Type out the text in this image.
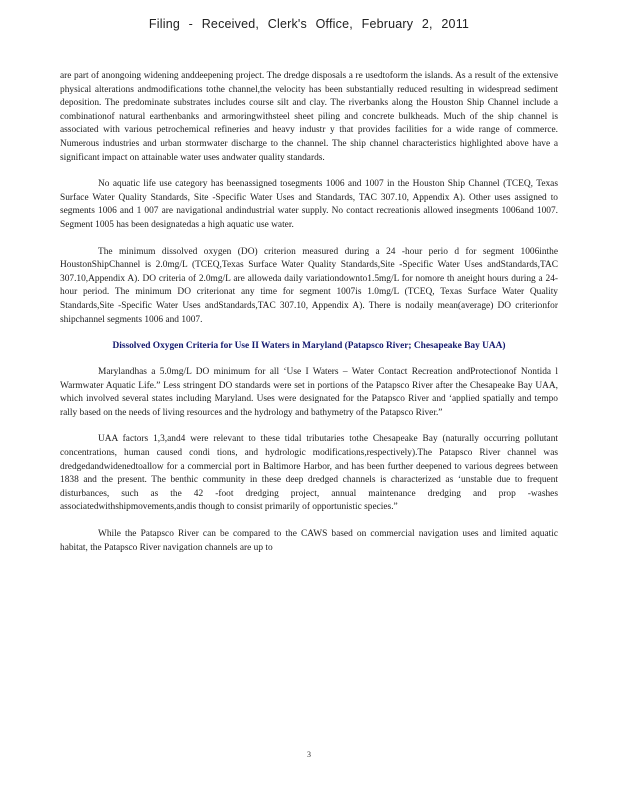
Filing - Received, Clerk's Office, February 2, 2011

are part of anongoing widening anddeepening project. The dredge disposals a re usedtoform the islands. As a result of the extensive physical alterations andmodifications tothe channel,the velocity has been substantially reduced resulting in widespread sediment deposition. The predominate substrates includes course silt and clay. The riverbanks along the Houston Ship Channel include a combinationof natural earthenbanks and armoringwithsteel sheet piling and concrete bulkheads. Much of the ship channel is associated with various petrochemical refineries and heavy industr y that provides facilities for a wide range of commerce. Numerous industries and urban stormwater discharge to the channel. The ship channel characteristics highlighted above have a significant impact on attainable water uses andwater quality standards.

No aquatic life use category has beenassigned tosegments 1006 and 1007 in the Houston Ship Channel (TCEQ, Texas Surface Water Quality Standards, Site -Specific Water Uses and Standards, TAC 307.10, Appendix A). Other uses assigned to segments 1006 and 1 007 are navigational andindustrial water supply. No contact recreationis allowed insegments 1006and 1007. Segment 1005 has been designatedas a high aquatic use water.

The minimum dissolved oxygen (DO) criterion measured during a 24 -hour perio d for segment 1006inthe HoustonShipChannel is 2.0mg/L (TCEQ,Texas Surface Water Quality Standards,Site -Specific Water Uses andStandards,TAC 307.10,Appendix A). DO criteria of 2.0mg/L are alloweda daily variationdownto1.5mg/L for nomore th aneight hours during a 24-hour period. The minimum DO criterionat any time for segment 1007is 1.0mg/L (TCEQ, Texas Surface Water Quality Standards,Site -Specific Water Uses andStandards,TAC 307.10, Appendix A). There is nodaily mean(average) DO criterionfor shipchannel segments 1006 and 1007.

Dissolved Oxygen Criteria for Use II Waters in Maryland (Patapsco River; Chesapeake Bay UAA)

Marylandhas a 5.0mg/L DO minimum for all ‘Use I Waters – Water Contact Recreation andProtectionof Nontida l Warmwater Aquatic Life.” Less stringent DO standards were set in portions of the Patapsco River after the Chesapeake Bay UAA, which involved several states including Maryland. Uses were designated for the Patapsco River and ‘applied spatially and tempo rally based on the needs of living resources and the hydrology and bathymetry of the Patapsco River.”

UAA factors 1,3,and4 were relevant to these tidal tributaries tothe Chesapeake Bay (naturally occurring pollutant concentrations, human caused condi tions, and hydrologic modifications,respectively).The Patapsco River channel was dredgedandwidenedtoallow for a commercial port in Baltimore Harbor, and has been further deepened to various degrees between 1838 and the present. The benthic community in these deep dredged channels is characterized as ‘unstable due to frequent disturbances, such as the 42 -foot dredging project, annual maintenance dredging and prop -washes associatedwithshipmovements,andis though to consist primarily of opportunistic species.”

While the Patapsco River can be compared to the CAWS based on commercial navigation uses and limited aquatic habitat, the Patapsco River navigation channels are up to

3
